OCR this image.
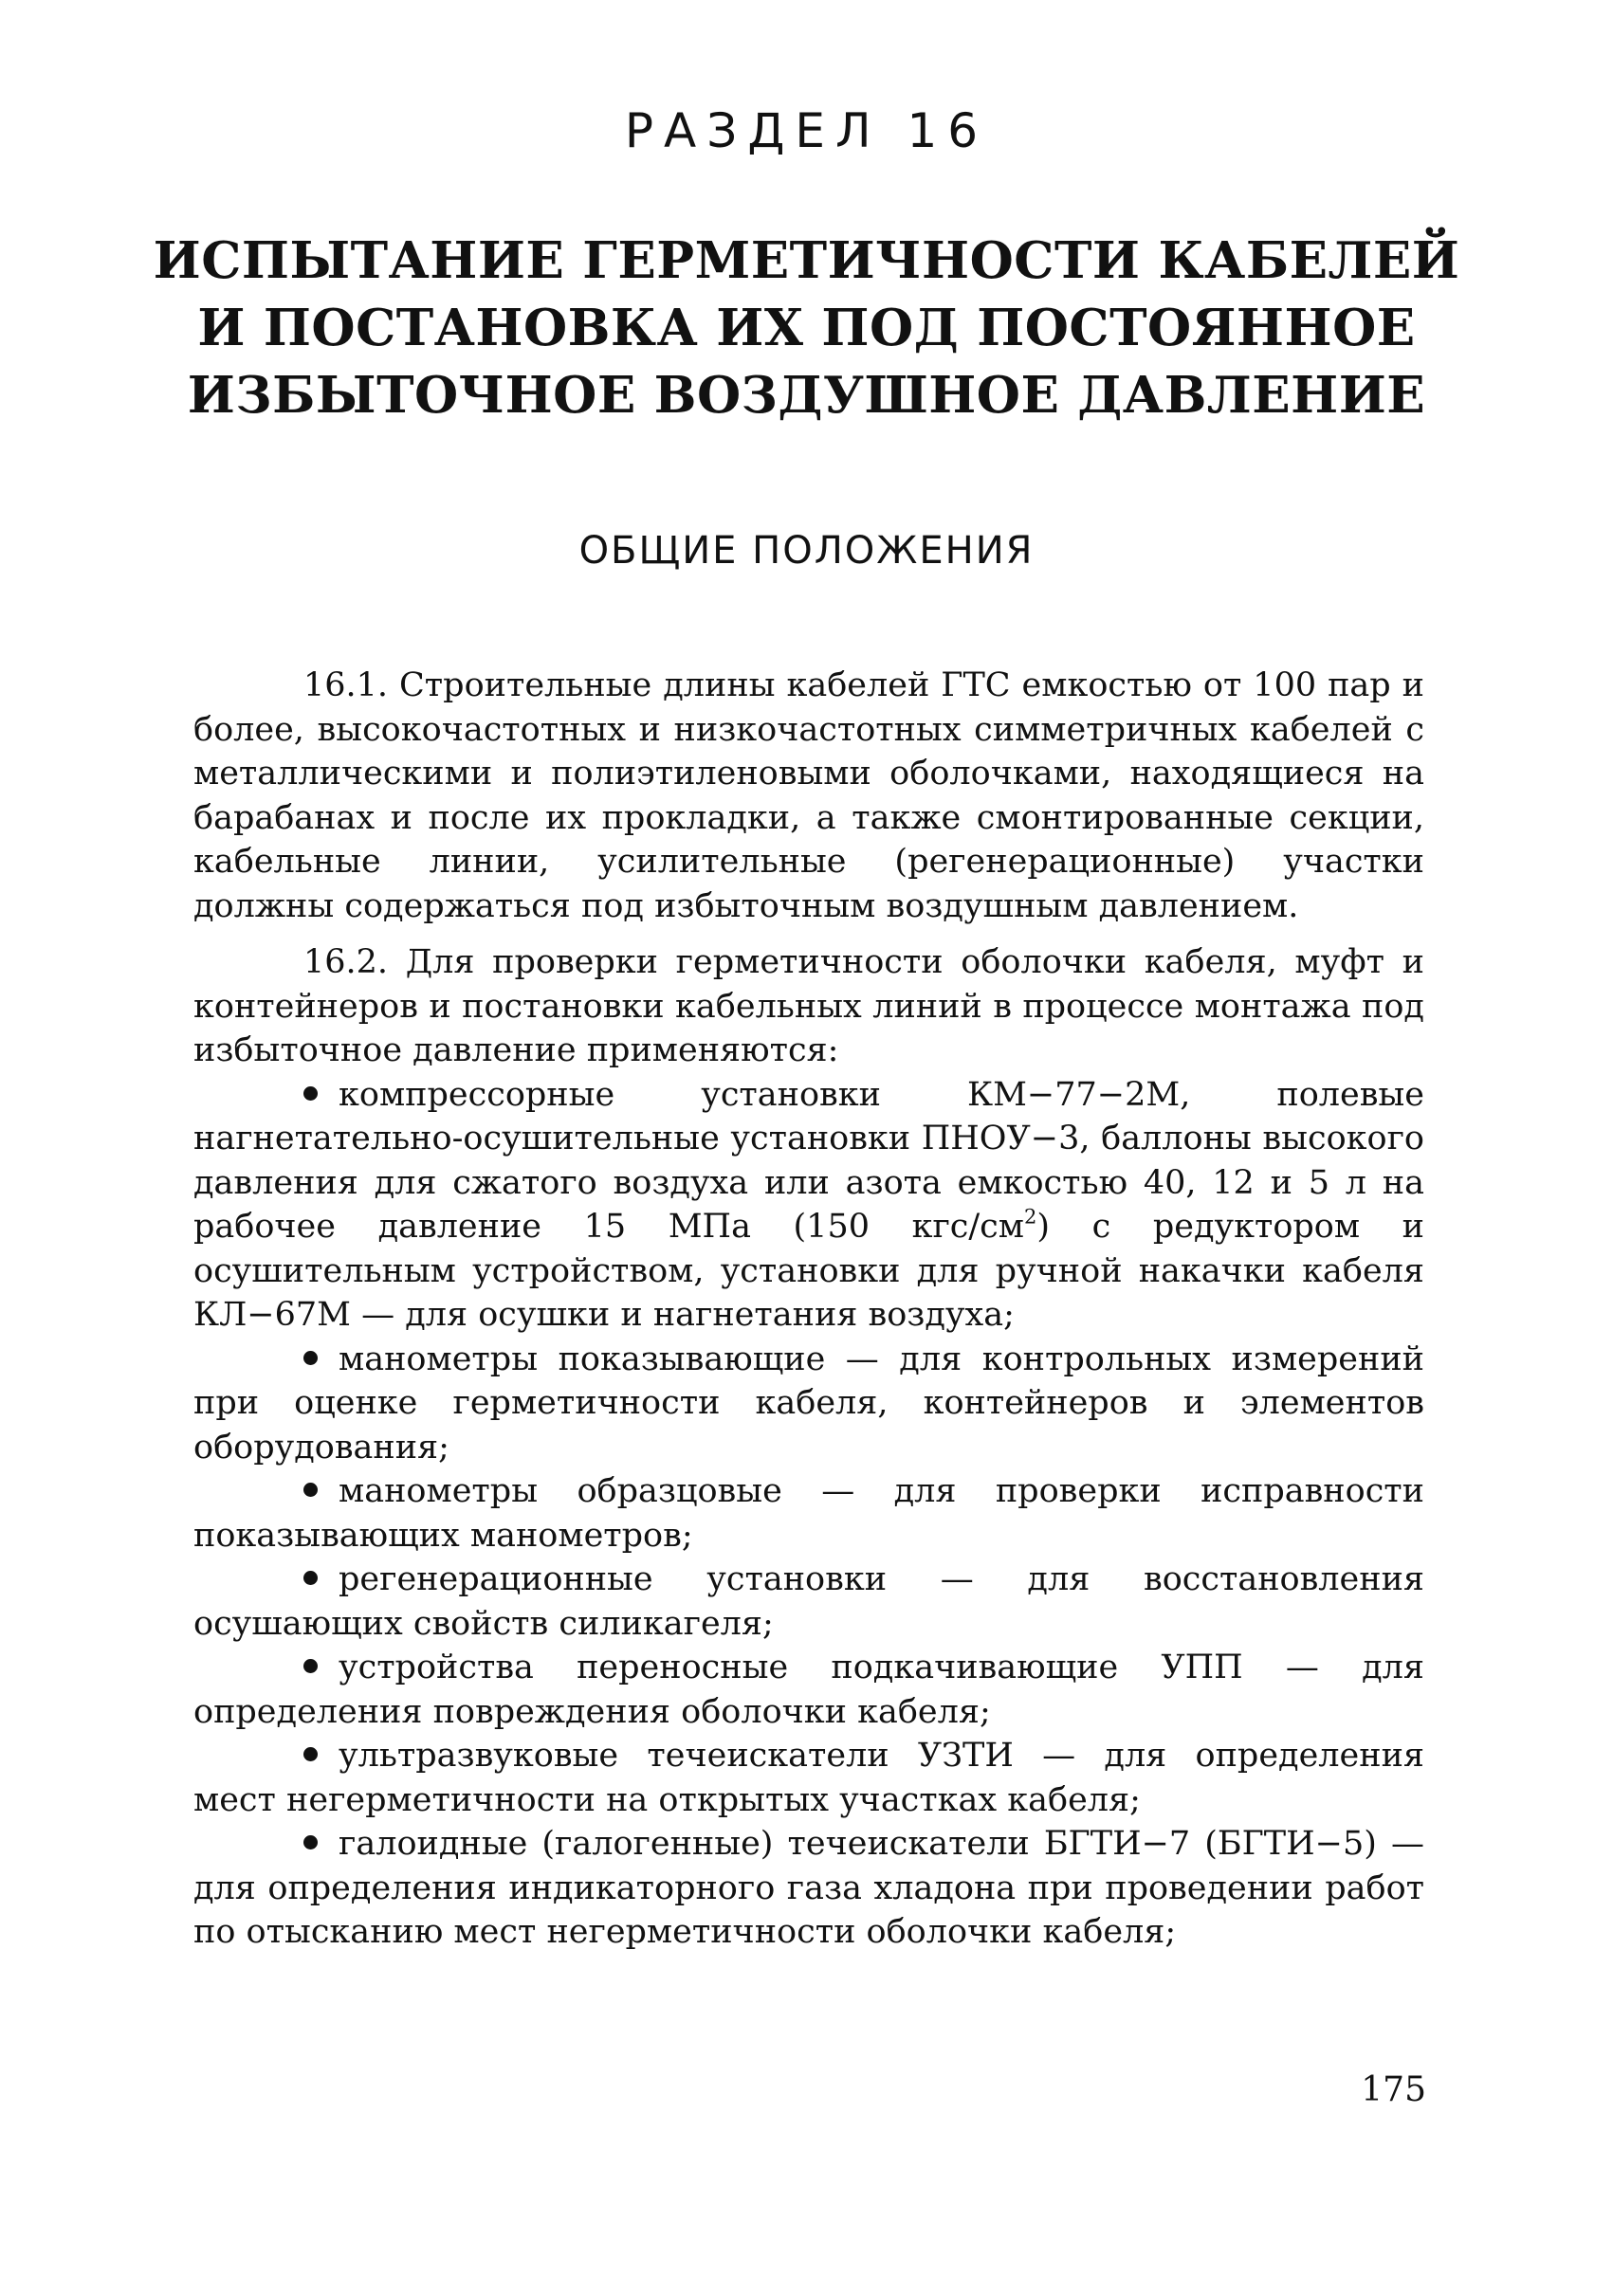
РАЗДЕЛ 16
ИСПЫТАНИЕ ГЕРМЕТИЧНОСТИ КАБЕЛЕЙ
И ПОСТАНОВКА ИХ ПОД ПОСТОЯННОЕ
ИЗБЫТОЧНОЕ ВОЗДУШНОЕ ДАВЛЕНИЕ
ОБЩИЕ ПОЛОЖЕНИЯ

16.1. Строительные длины кабелей ГТС емкостью от 100 пар и более, высокочастотных и низкочастотных симметричных кабелей с металлическими и полиэтиленовыми оболочками, находящиеся на барабанах и после их прокладки, а также смонтированные секции, кабельные линии, усилительные (регенерационные) участки должны содержаться под избыточным воздушным давлением.

16.2. Для проверки герметичности оболочки кабеля, муфт и контейнеров и постановки кабельных линий в процессе монтажа под избыточное давление применяются:

компрессорные установки КМ−77−2М, полевые нагнетательно-осушительные установки ПНОУ−3, баллоны высокого давления для сжатого воздуха или азота емкостью 40, 12 и 5 л на рабочее давление 15 МПа (150 кгс/$см^2$) с редуктором и осушительным устройством, установки для ручной накачки кабеля КЛ−67М — для осушки и нагнетания воздуха;
манометры показывающие — для контрольных измерений при оценке герметичности кабеля, контейнеров и элементов оборудования;
манометры образцовые — для проверки исправности показывающих манометров;
регенерационные установки — для восстановления осушающих свойств силикагеля;
устройства переносные подкачивающие УПП — для определения повреждения оболочки кабеля;
ультразвуковые течеискатели УЗТИ — для определения мест негерметичности на открытых участках кабеля;
галоидные (галогенные) течеискатели БГТИ−7 (БГТИ−5) — для определения индикаторного газа хладона при проведении работ по отысканию мест негерметичности оболочки кабеля;
175
